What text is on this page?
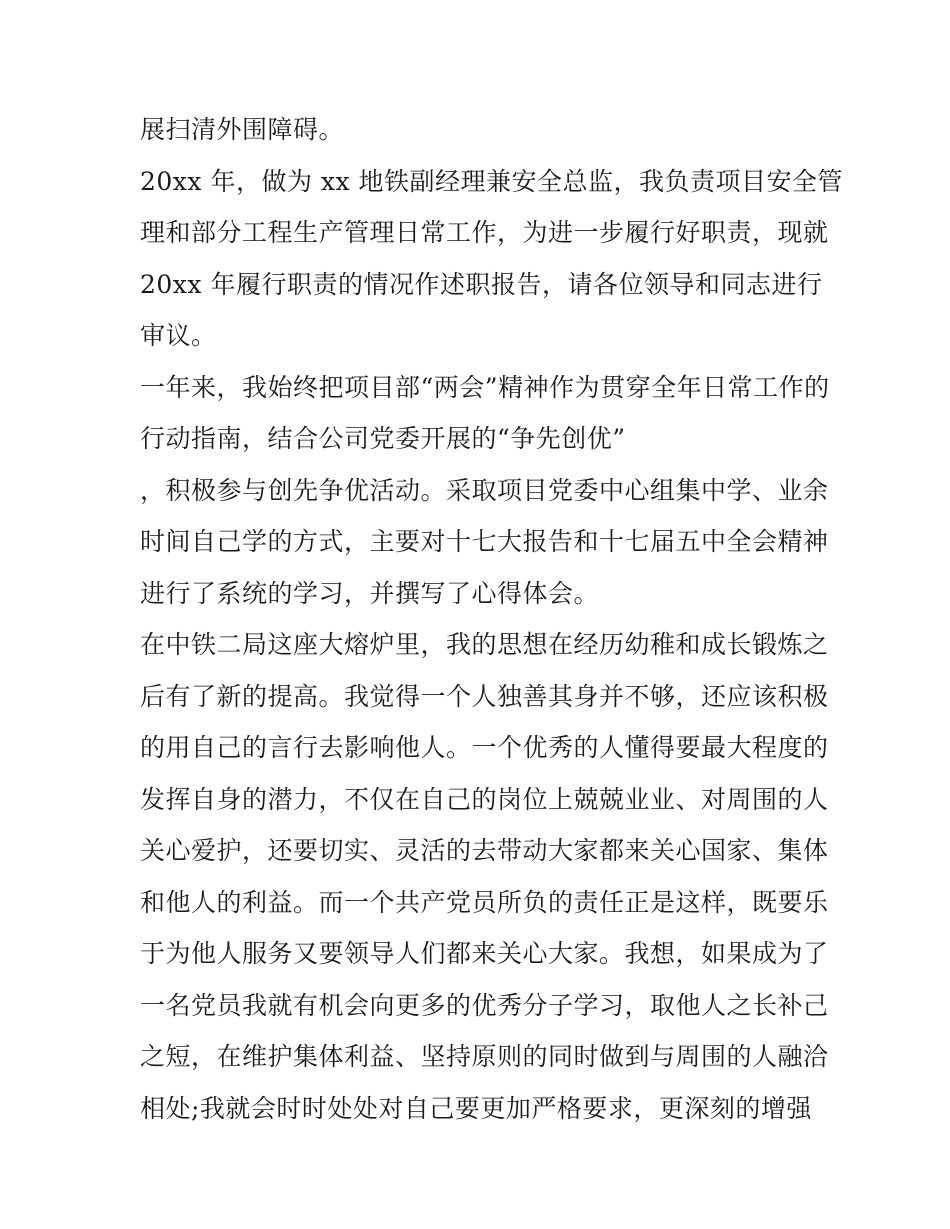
展扫清外围障碍。
20xx 年，做为 xx 地铁副经理兼安全总监，我负责项目安全管
理和部分工程生产管理日常工作，为进一步履行好职责，现就
20xx 年履行职责的情况作述职报告，请各位领导和同志进行
审议。
一年来，我始终把项目部“两会”精神作为贯穿全年日常工作的
行动指南，结合公司党委开展的“争先创优”
，积极参与创先争优活动。采取项目党委中心组集中学、业余
时间自己学的方式，主要对十七大报告和十七届五中全会精神
进行了系统的学习，并撰写了心得体会。
在中铁二局这座大熔炉里，我的思想在经历幼稚和成长锻炼之
后有了新的提高。我觉得一个人独善其身并不够，还应该积极
的用自己的言行去影响他人。一个优秀的人懂得要最大程度的
发挥自身的潜力，不仅在自己的岗位上兢兢业业、对周围的人
关心爱护，还要切实、灵活的去带动大家都来关心国家、集体
和他人的利益。而一个共产党员所负的责任正是这样，既要乐
于为他人服务又要领导人们都来关心大家。我想，如果成为了
一名党员我就有机会向更多的优秀分子学习，取他人之长补己
之短，在维护集体利益、坚持原则的同时做到与周围的人融洽
相处;我就会时时处处对自己要更加严格要求，更深刻的增强
